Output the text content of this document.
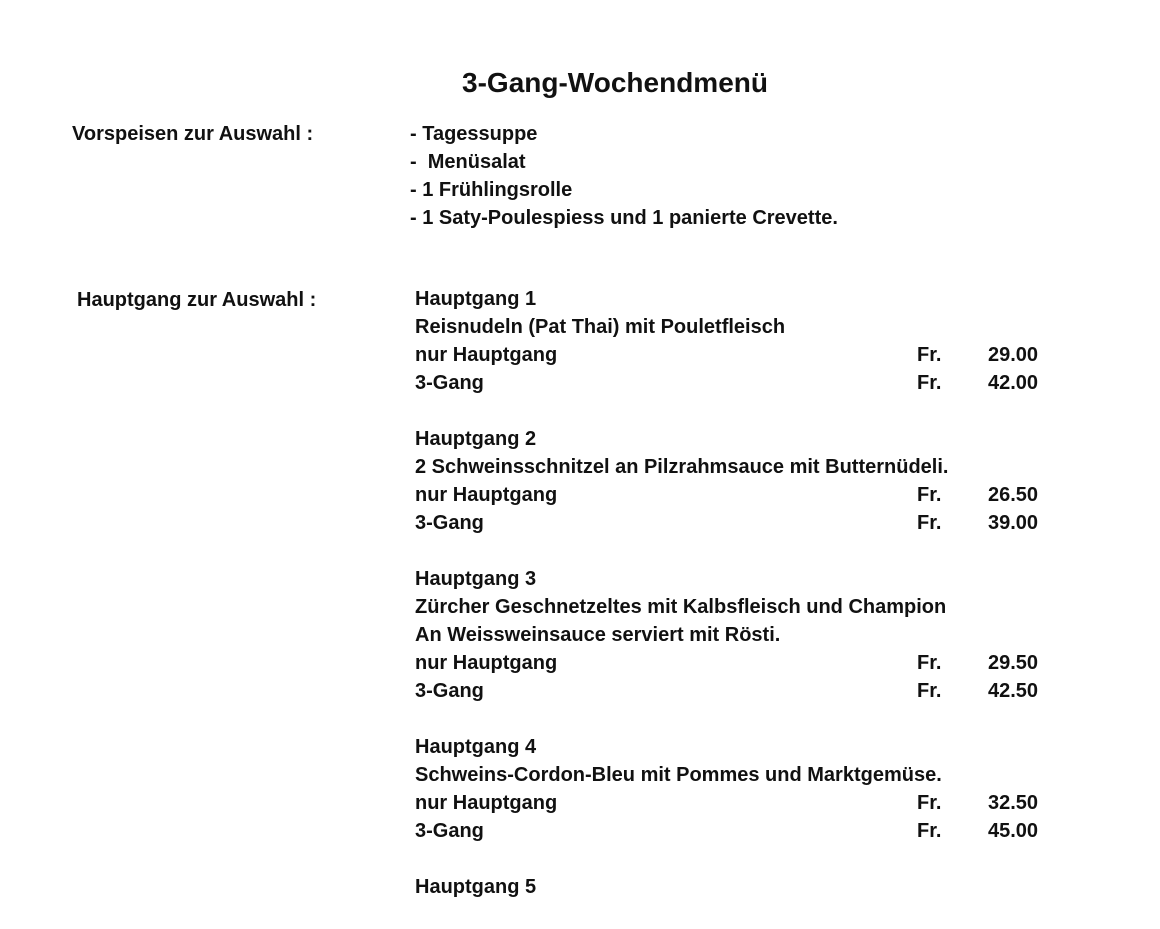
3-Gang-Wochendmenü
Vorspeisen zur Auswahl :	- Tagessuppe
-  Menüsalat
- 1 Frühlingsrolle
- 1 Saty-Poulespiess und 1 panierte Crevette.
Hauptgang zur Auswahl :	Hauptgang 1
Reisnudeln (Pat Thai) mit Pouletfleisch
nur Hauptgang	Fr. 29.00
3-Gang	Fr. 42.00
Hauptgang 2
2 Schweinsschnitzel an Pilzrahmsauce mit Butternüdeli.
nur Hauptgang	Fr. 26.50
3-Gang	Fr. 39.00
Hauptgang 3
Zürcher Geschnetzeltes mit Kalbsfleisch und Champion
An Weissweinsauce serviert mit Rösti.
nur Hauptgang	Fr. 29.50
3-Gang	Fr. 42.50
Hauptgang 4
Schweins-Cordon-Bleu mit Pommes und Marktgemüse.
nur Hauptgang	Fr. 32.50
3-Gang	Fr. 45.00
Hauptgang 5
